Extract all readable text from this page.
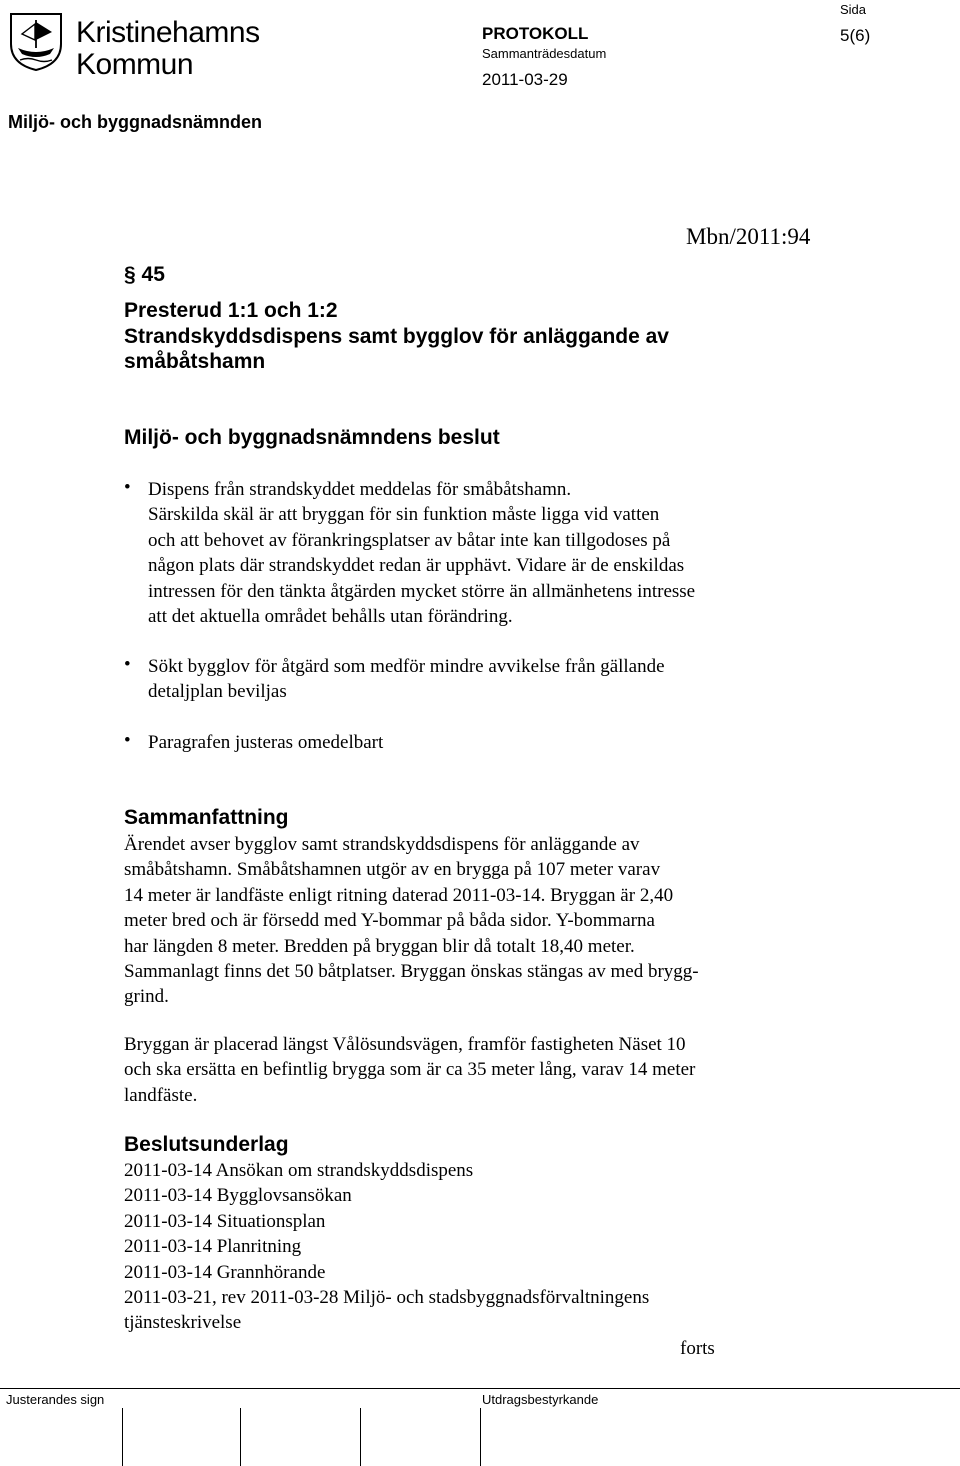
Kristinehamns
Kommun
Sida
PROTOKOLL	5(6)
Sammanträdesdatum
2011-03-29
Miljö- och byggnadsnämnden
Mbn/2011:94
§ 45
Presterud 1:1 och 1:2
Strandskyddsdispens samt bygglov för anläggande av
småbåtshamn
Miljö- och byggnadsnämndens beslut
• Dispens från strandskyddet meddelas för småbåtshamn.
Särskilda skäl är att bryggan för sin funktion måste ligga vid vatten
och att behovet av förankringsplatser av båtar inte kan tillgodoses på
någon plats där strandskyddet redan är upphävt. Vidare är de enskildas
intressen för den tänkta åtgärden mycket större än allmänhetens intresse
att det aktuella området behålls utan förändring.
• Sökt bygglov för åtgärd som medför mindre avvikelse från gällande
detaljplan beviljas
• Paragrafen justeras omedelbart
Sammanfattning
Ärendet avser bygglov samt strandskyddsdispens för anläggande av
småbåtshamn. Småbåtshamnen utgör av en brygga på 107 meter varav
14 meter är landfäste enligt ritning daterad 2011-03-14. Bryggan är 2,40
meter bred och är försedd med Y-bommar på båda sidor. Y-bommarna
har längden 8 meter. Bredden på bryggan blir då totalt 18,40 meter.
Sammanlagt finns det 50 båtplatser. Bryggan önskas stängas av med brygg-
grind.
Bryggan är placerad längst Vålösundsvägen, framför fastigheten Näset 10
och ska ersätta en befintlig brygga som är ca 35 meter lång, varav 14 meter
landfäste.
Beslutsunderlag
2011-03-14 Ansökan om strandskyddsdispens
2011-03-14 Bygglovsansökan
2011-03-14 Situationsplan
2011-03-14 Planritning
2011-03-14 Grannhörande
2011-03-21, rev 2011-03-28 Miljö- och stadsbyggnadsförvaltningens
tjänsteskrivelse
forts
Justerandes sign	Utdragsbestyrkande
